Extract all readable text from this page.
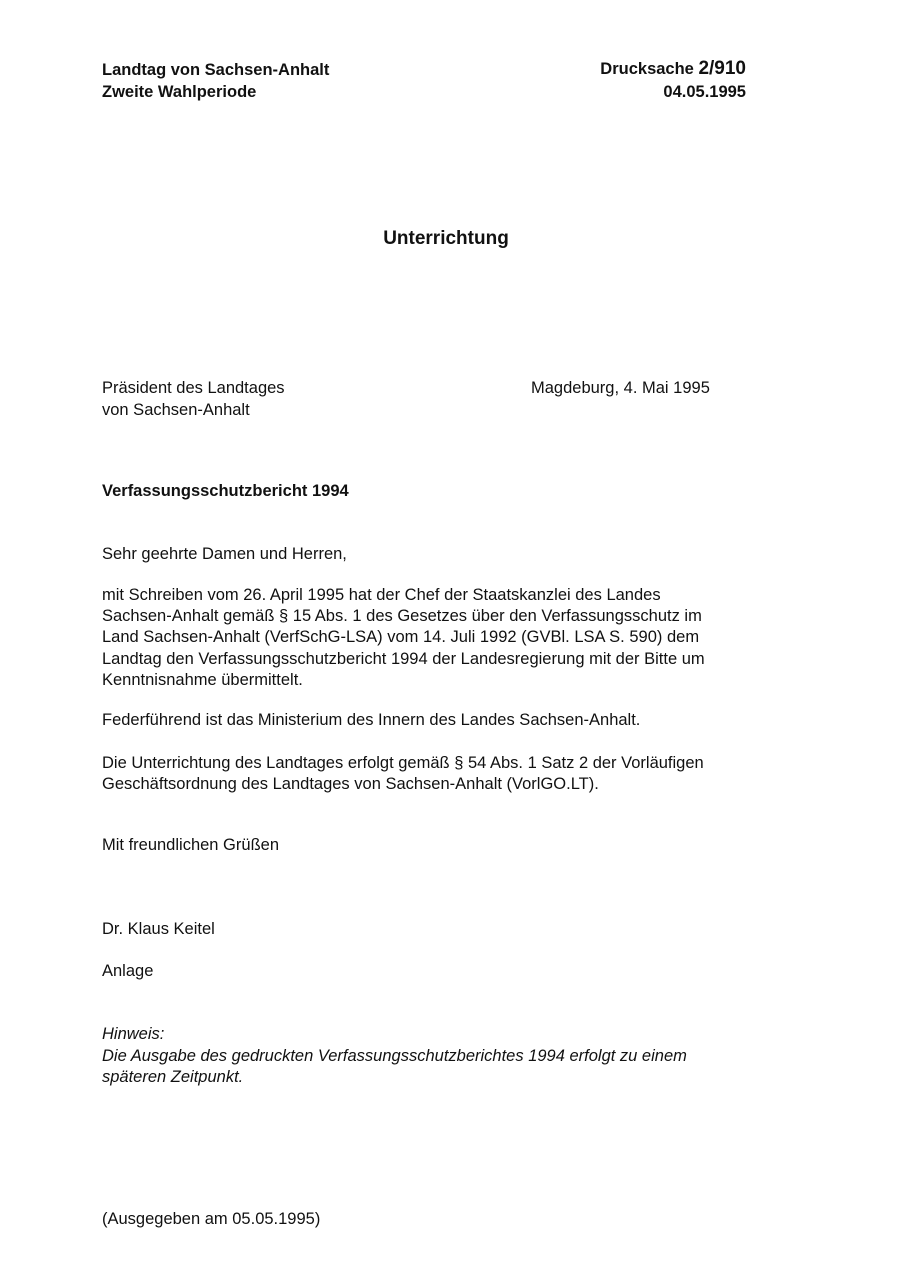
Landtag von Sachsen-Anhalt
Zweite Wahlperiode
Drucksache 2/910
04.05.1995
Unterrichtung
Präsident des Landtages
von Sachsen-Anhalt
Magdeburg, 4. Mai 1995
Verfassungsschutzbericht 1994
Sehr geehrte Damen und Herren,
mit Schreiben vom 26. April 1995 hat der Chef der Staatskanzlei des Landes
Sachsen-Anhalt gemäß § 15 Abs. 1 des Gesetzes über den Verfassungsschutz im
Land Sachsen-Anhalt (VerfSchG-LSA) vom 14. Juli 1992 (GVBl. LSA S. 590) dem
Landtag den Verfassungsschutzbericht 1994 der Landesregierung mit der Bitte um
Kenntnisnahme übermittelt.
Federführend ist das Ministerium des Innern des Landes Sachsen-Anhalt.
Die Unterrichtung des Landtages erfolgt gemäß § 54 Abs. 1 Satz 2 der Vorläufigen
Geschäftsordnung des Landtages von Sachsen-Anhalt (VorlGO.LT).
Mit freundlichen Grüßen
Dr. Klaus Keitel
Anlage
Hinweis:
Die Ausgabe des gedruckten Verfassungsschutzberichtes 1994 erfolgt zu einem
späteren Zeitpunkt.
(Ausgegeben am 05.05.1995)
